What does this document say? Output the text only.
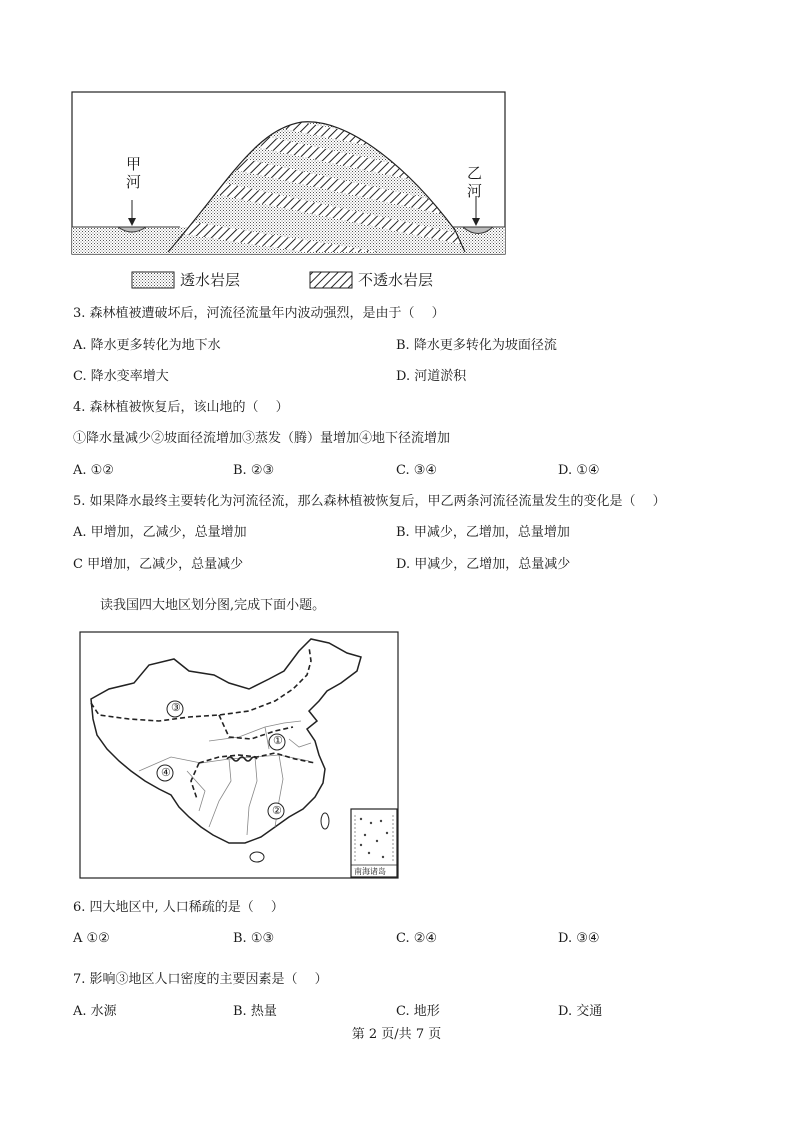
甲
河	乙
河
透水岩层	不透水岩层
3. 森林植被遭破坏后，河流径流量年内波动强烈，是由于（　 ）
A. 降水更多转化为地下水	B. 降水更多转化为坡面径流
C. 降水变率增大	D. 河道淤积
4. 森林植被恢复后，该山地的（　 ）
①降水量减少②坡面径流增加③蒸发（腾）量增加④地下径流增加
A. ①②	B. ②③	C. ③④	D. ①④
5. 如果降水最终主要转化为河流径流，那么森林植被恢复后，甲乙两条河流径流量发生的变化是（　 ）
A. 甲增加，乙减少，总量增加	B. 甲减少，乙增加，总量增加
C 甲增加，乙减少，总量减少	D. 甲减少，乙增加，总量减少
读我国四大地区划分图,完成下面小题。
③
①
④
②
南海诸岛
6. 四大地区中, 人口稀疏的是（　 ）
A ①②	B. ①③	C. ②④	D. ③④
7. 影响③地区人口密度的主要因素是（　 ）
A. 水源	B. 热量	C. 地形	D. 交通
第 2 页/共 7 页
